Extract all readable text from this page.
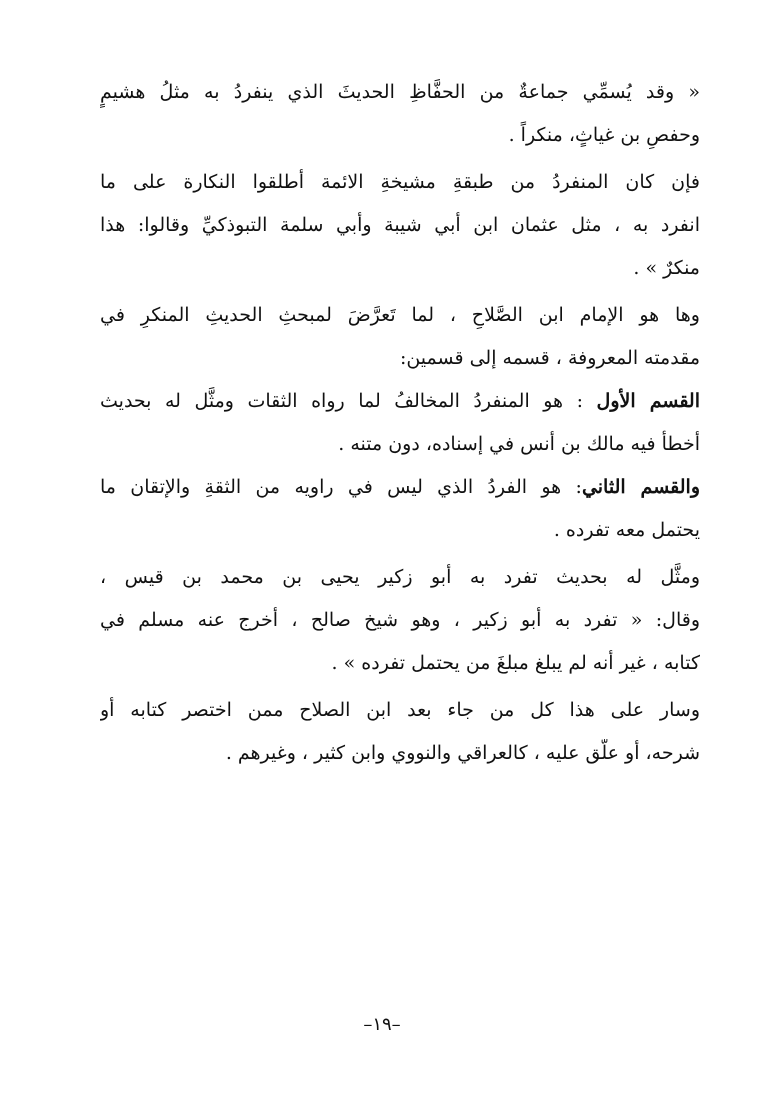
« وقد يُسمِّي جماعةٌ من الحفَّاظِ الحديثَ الذي ينفردُ به مثلُ هشيمٍ
وحفصِ بن غياثٍ، منكراً .
فإن كان المنفردُ من طبقةِ مشيخةِ الائمة أطلقوا النكارة على ما
انفرد به ، مثل عثمان ابن أبي شيبة وأبي سلمة التبوذكيِّ وقالوا: هذا
منكرٌ » .
وها هو الإمام ابن الصَّلاحِ ، لما تَعرَّضَ لمبحثِ الحديثِ المنكرِ في
مقدمته المعروفة ، قسمه إلى قسمين:
القسم الأول : هو المنفردُ المخالفُ لما رواه الثقات ومثَّل له بحديث
أخطأ فيه مالك بن أنس في إسناده، دون متنه .
والقسم الثاني: هو الفردُ الذي ليس في راويه من الثقةِ والإتقان ما
يحتمل معه تفرده .
ومثَّل له بحديث تفرد به أبو زكير يحيى بن محمد بن قيس ،
وقال: « تفرد به أبو زكير ، وهو شيخ صالح ، أخرج عنه مسلم في
كتابه ، غير أنه لم يبلغ مبلغَ من يحتمل تفرده » .
وسار على هذا كل من جاء بعد ابن الصلاح ممن اختصر كتابه أو
شرحه، أو علَّق عليه ، كالعراقي والنووي وابن كثير ، وغيرهم .
–١٩–
